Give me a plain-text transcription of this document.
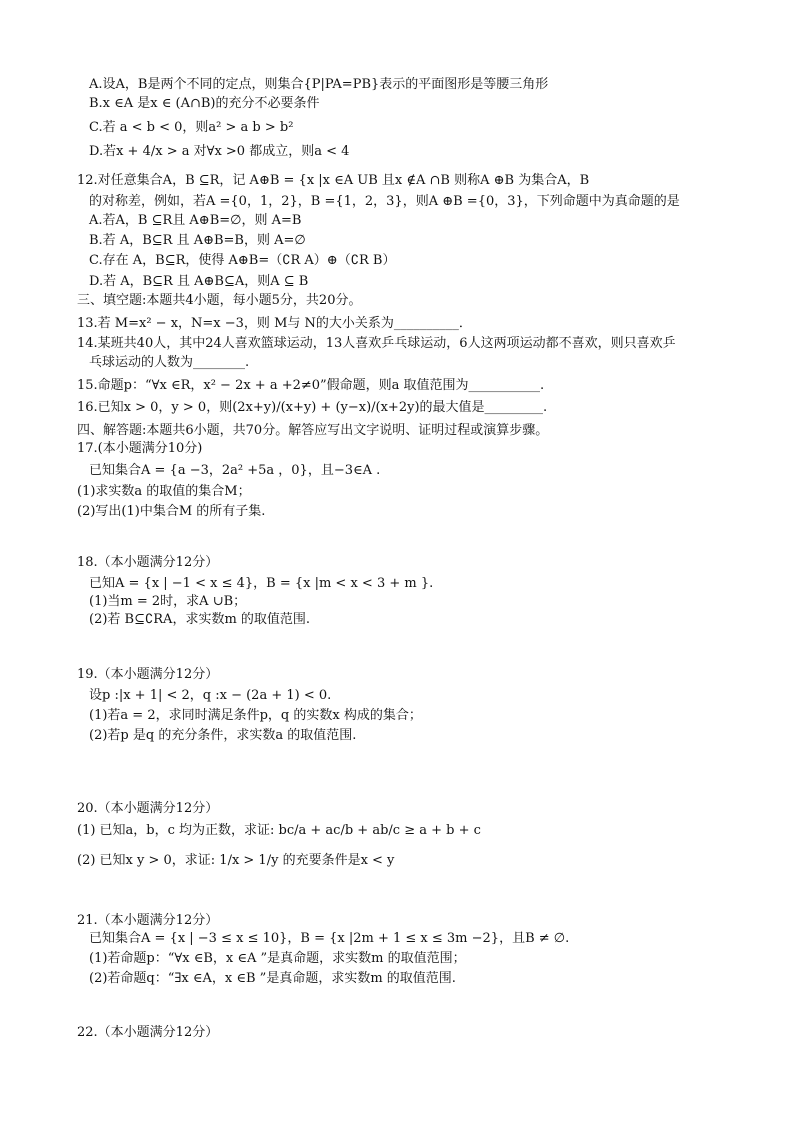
A.设A，B是两个不同的定点，则集合{P|PA=PB}表示的平面图形是等腰三角形
B.x ∈A 是x ∈ (A∩B)的充分不必要条件
C.若 a < b < 0，则a² > a b > b²
D.若x + 4/x > a 对∀x >0 都成立，则a < 4
12.对任意集合A，B ⊆R，记 A⊕B = {x |x ∈A UB 且x ∉A ∩B 则称A ⊕B 为集合A，B
的对称差，例如，若A ={0，1，2}，B ={1，2，3}，则A ⊕B ={0，3}，下列命题中为真命题的是
A.若A，B ⊆R且 A⊕B=∅，则 A=B
B.若 A，B⊆R 且 A⊕B=B，则 A=∅
C.存在 A，B⊆R，使得 A⊕B=（∁R A）⊕（∁R B）
D.若 A，B⊆R 且 A⊕B⊆A，则A ⊆ B
三、填空题:本题共4小题，每小题5分，共20分。
13.若 M=x² − x，N=x −3，则 M与 N的大小关系为__________．
14.某班共40人，其中24人喜欢篮球运动，13人喜欢乒乓球运动，6人这两项运动都不喜欢，则只喜欢乒
乓球运动的人数为________.
15.命题p：“∀x ∈R，x² − 2x + a +2≠0”假命题，则a 取值范围为___________.
16.已知x > 0，y > 0，则(2x+y)/(x+y) + (y−x)/(x+2y)的最大值是_________.
四、解答题:本题共6小题，共70分。解答应写出文字说明、证明过程或演算步骤。
17.(本小题满分10分)
已知集合A = {a −3，2a² +5a ，0}，且−3∈A .
(1)求实数a 的取值的集合M；
(2)写出(1)中集合M 的所有子集.
18.（本小题满分12分）
已知A = {x | −1 < x ≤ 4}，B = {x |m < x < 3 + m }.
(1)当m = 2时，求A ∪B；
(2)若 B⊆∁RA，求实数m 的取值范围.
19.（本小题满分12分）
设p :|x + 1| < 2，q :x − (2a + 1) < 0.
(1)若a = 2，求同时满足条件p，q 的实数x 构成的集合；
(2)若p 是q 的充分条件，求实数a 的取值范围.
20.（本小题满分12分）
(1) 已知a，b，c 均为正数，求证: bc/a + ac/b + ab/c ≥ a + b + c
(2) 已知x y > 0，求证: 1/x > 1/y 的充要条件是x < y
21.（本小题满分12分）
已知集合A = {x | −3 ≤ x ≤ 10}，B = {x |2m + 1 ≤ x ≤ 3m −2}，且B ≠ ∅.
(1)若命题p：“∀x ∈B，x ∈A ”是真命题，求实数m 的取值范围；
(2)若命题q：“∃x ∈A，x ∈B ”是真命题，求实数m 的取值范围.
22.（本小题满分12分）
